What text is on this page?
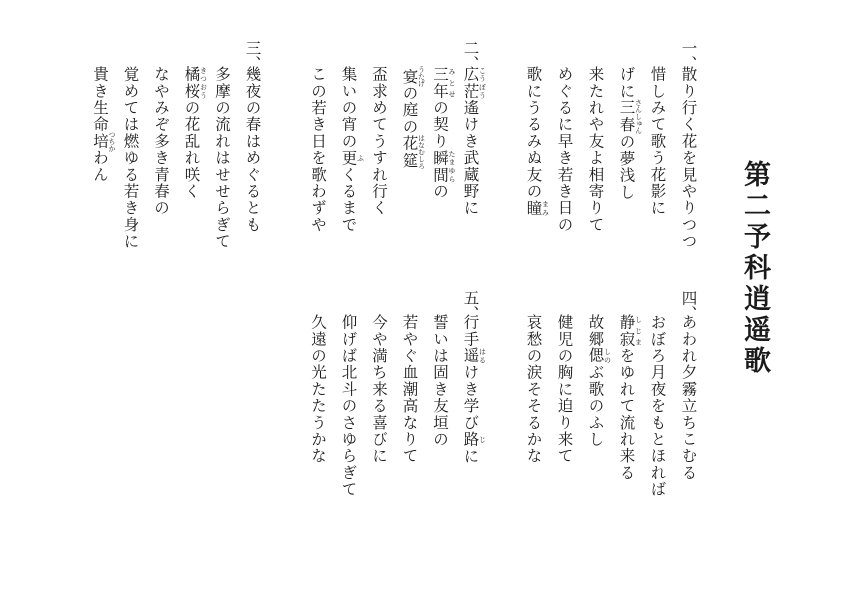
第二予科逍遥歌
一、
散り行く花を見やりつつ
惜しみて歌う花影に
げに三春 さんしゅんの夢浅し
来たれや友よ相寄りて
めぐるに早き若き日の
歌にうるみぬ友の瞳 まみ
二、
広茫 こうぼう遙けき武蔵野に
三年 みとせの契り瞬間 たまゆらの
宴 うたげの庭の花筵 はなむしろ
盃求めてうすれ行く
集いの宵の更 ふくるまで
この若き日を歌わずや
三、
幾夜の春はめぐるとも
多摩の流れはせせらぎて
橘桜 きつおうの花乱れ咲く
なやみぞ多き青春の
覚めては燃ゆる若き身に
貴き生命培 つちかわん
四、
あわれ夕霧立ちこむる
おぼろ月夜をもとほれば
静寂 しじまをゆれて流れ来る
故郷偲 しのぶ歌のふし
健児の胸に迫り来て
哀愁の涙そそるかな
五、
行手遥 はるけき学び路 じに
誓いは固き友垣の
若やぐ血潮高なりて
今や満ち来る喜びに
仰げば北斗のさゆらぎて
久遠の光たたうかな
